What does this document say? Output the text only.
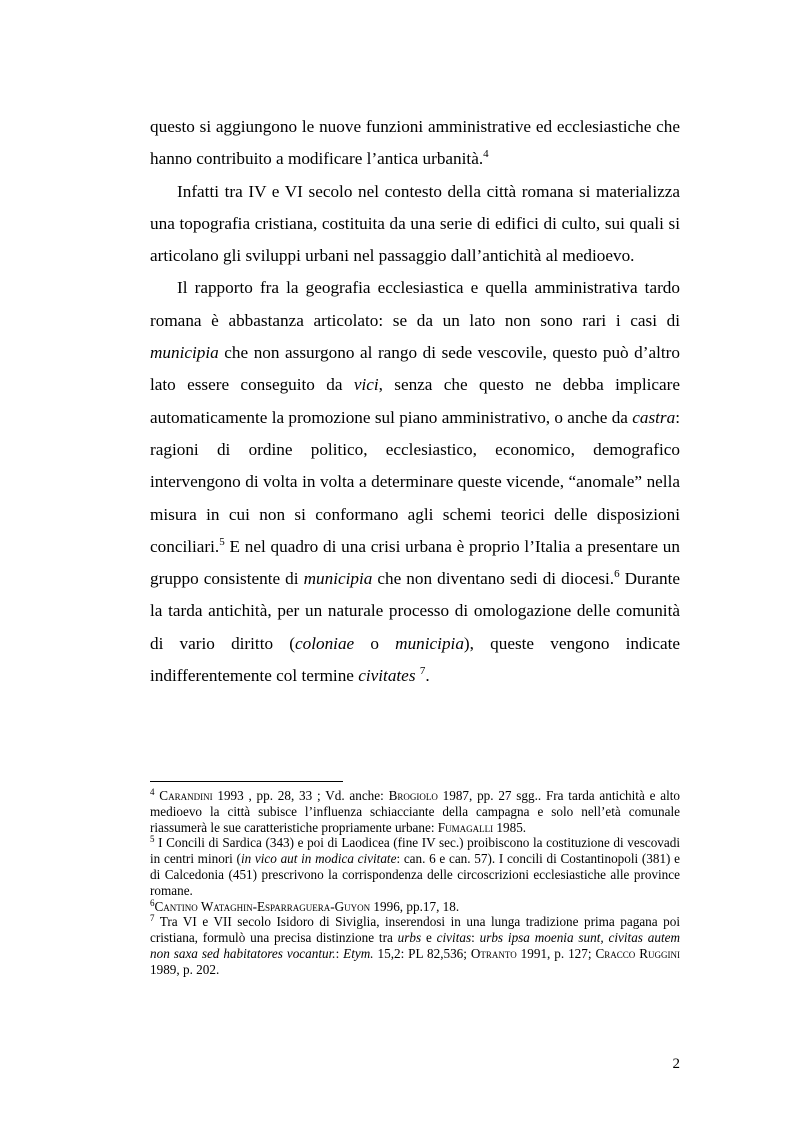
questo si aggiungono le nuove funzioni amministrative ed ecclesiastiche che hanno contribuito a modificare l’antica urbanità.$^4$

Infatti tra IV e VI secolo nel contesto della città romana si materializza una topografia cristiana, costituita da una serie di edifici di culto, sui quali si articolano gli sviluppi urbani nel passaggio dall’antichità al medioevo.

Il rapporto fra la geografia ecclesiastica e quella amministrativa tardo romana è abbastanza articolato: se da un lato non sono rari i casi di municipia che non assurgono al rango di sede vescovile, questo può d’altro lato essere conseguito da vici, senza che questo ne debba implicare automaticamente la promozione sul piano amministrativo, o anche da castra: ragioni di ordine politico, ecclesiastico, economico, demografico intervengono di volta in volta a determinare queste vicende, “anomale” nella misura in cui non si conformano agli schemi teorici delle disposizioni conciliari.$^5$ E nel quadro di una crisi urbana è proprio l’Italia a presentare un gruppo consistente di municipia che non diventano sedi di diocesi.$^6$ Durante la tarda antichità, per un naturale processo di omologazione delle comunità di vario diritto (coloniae o municipia), queste vengono indicate indifferentemente col termine civitates $^7$.

$^4$ Carandini 1993 , pp. 28, 33 ; Vd. anche: Brogiolo 1987, pp. 27 sgg.. Fra tarda antichità e alto medioevo la città subisce l’influenza schiacciante della campagna e solo nell’età comunale riassumerà le sue caratteristiche propriamente urbane: Fumagalli 1985.

$^5$ I Concili di Sardica (343) e poi di Laodicea (fine IV sec.) proibiscono la costituzione di vescovadi in centri minori (in vico aut in modica civitate: can. 6 e can. 57). I concili di Costantinopoli (381) e di Calcedonia (451) prescrivono la corrispondenza delle circoscrizioni ecclesiastiche alle province romane.

$^6$Cantino Wataghin-Esparraguera-Guyon 1996, pp.17, 18.

$^7$ Tra VI e VII secolo Isidoro di Siviglia, inserendosi in una lunga tradizione prima pagana poi cristiana, formulò una precisa distinzione tra urbs e civitas: urbs ipsa moenia sunt, civitas autem non saxa sed habitatores vocantur.: Etym. 15,2: PL 82,536; Otranto 1991, p. 127; Cracco Ruggini 1989, p. 202.

2
